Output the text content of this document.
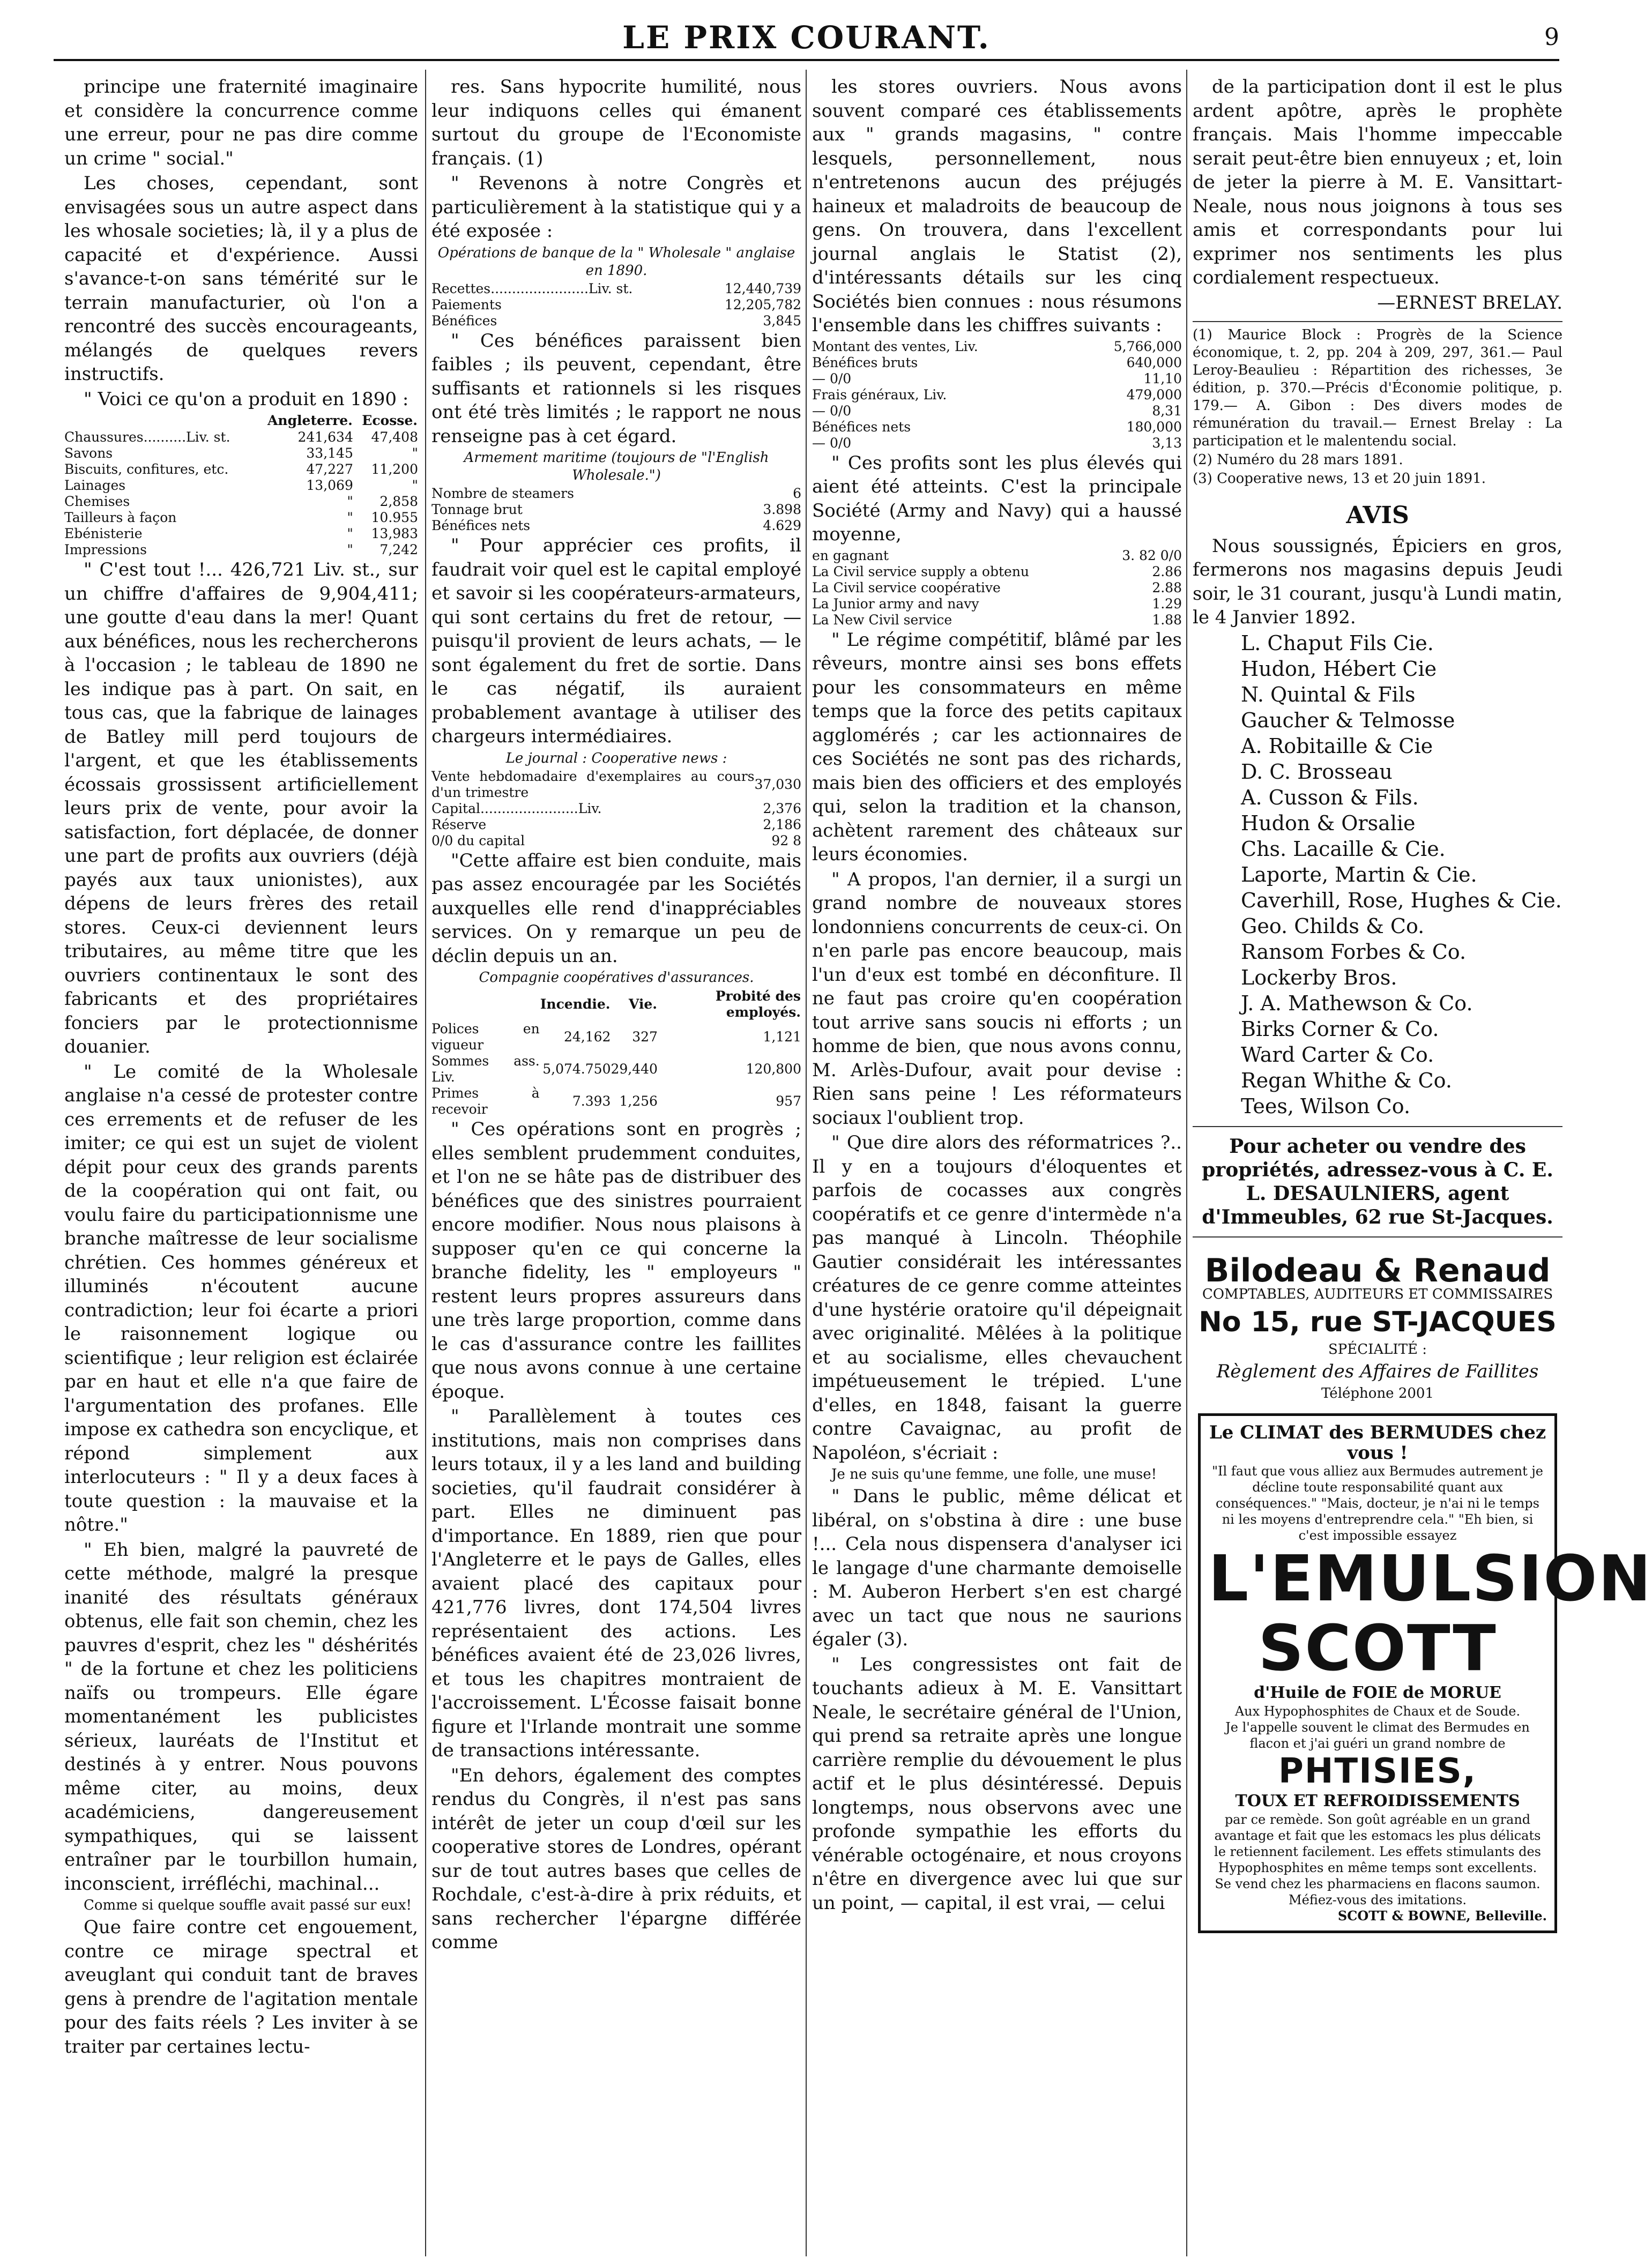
LE PRIX COURANT.	9

principe une fraternité imaginaire et considère la concurrence comme une erreur, pour ne pas dire comme un crime " social."

Les choses, cependant, sont envisagées sous un autre aspect dans les whosale societies; là, il y a plus de capacité et d'expérience. Aussi s'avance-t-on sans témérité sur le terrain manufacturier, où l'on a rencontré des succès encourageants, mélangés de quelques revers instructifs.

" Voici ce qu'on a produit en 1890 :

	Angleterre.	Ecosse.
Chaussures..........Liv. st.	241,634	47,408
Savons	33,145	"
Biscuits, confitures, etc.	47,227	11,200
Lainages	13,069	"
Chemises	"	2,858
Tailleurs à façon	"	10.955
Ebénisterie	"	13,983
Impressions	"	7,242

" C'est tout !... 426,721 Liv. st., sur un chiffre d'affaires de 9,904,411; une goutte d'eau dans la mer! Quant aux bénéfices, nous les rechercherons à l'occasion ; le tableau de 1890 ne les indique pas à part. On sait, en tous cas, que la fabrique de lainages de Batley mill perd toujours de l'argent, et que les établissements écossais grossissent artificiellement leurs prix de vente, pour avoir la satisfaction, fort déplacée, de donner une part de profits aux ouvriers (déjà payés aux taux unionistes), aux dépens de leurs frères des retail stores. Ceux-ci deviennent leurs tributaires, au même titre que les ouvriers continentaux le sont des fabricants et des propriétaires fonciers par le protectionnisme douanier.

" Le comité de la Wholesale anglaise n'a cessé de protester contre ces errements et de refuser de les imiter; ce qui est un sujet de violent dépit pour ceux des grands parents de la coopération qui ont fait, ou voulu faire du participationnisme une branche maîtresse de leur socialisme chrétien. Ces hommes généreux et illuminés n'écoutent aucune contradiction; leur foi écarte a priori le raisonnement logique ou scientifique ; leur religion est éclairée par en haut et elle n'a que faire de l'argumentation des profanes. Elle impose ex cathedra son encyclique, et répond simplement aux interlocuteurs : " Il y a deux faces à toute question : la mauvaise et la nôtre."

" Eh bien, malgré la pauvreté de cette méthode, malgré la presque inanité des résultats généraux obtenus, elle fait son chemin, chez les pauvres d'esprit, chez les " déshérités " de la fortune et chez les politiciens naïfs ou trompeurs. Elle égare momentanément les publicistes sérieux, lauréats de l'Institut et destinés à y entrer. Nous pouvons même citer, au moins, deux académiciens, dangereusement sympathiques, qui se laissent entraîner par le tourbillon humain, inconscient, irréfléchi, machinal...

Comme si quelque souffle avait passé sur eux!

Que faire contre cet engouement, contre ce mirage spectral et aveuglant qui conduit tant de braves gens à prendre de l'agitation mentale pour des faits réels ? Les inviter à se traiter par certaines lectu-

res. Sans hypocrite humilité, nous leur indiquons celles qui émanent surtout du groupe de l'Economiste français. (1)

" Revenons à notre Congrès et particulièrement à la statistique qui y a été exposée :

Opérations de banque de la " Wholesale " anglaise en 1890.

Recettes.......................Liv. st.	12,440,739
Paiements	12,205,782
Bénéfices	3,845

" Ces bénéfices paraissent bien faibles ; ils peuvent, cependant, être suffisants et rationnels si les risques ont été très limités ; le rapport ne nous renseigne pas à cet égard.

Armement maritime (toujours de "l'English Wholesale.")

Nombre de steamers	6
Tonnage brut	3.898
Bénéfices nets	4.629

" Pour apprécier ces profits, il faudrait voir quel est le capital employé et savoir si les coopérateurs-armateurs, qui sont certains du fret de retour, — puisqu'il provient de leurs achats, — le sont également du fret de sortie. Dans le cas négatif, ils auraient probablement avantage à utiliser des chargeurs intermédiaires.

Le journal : Cooperative news :

Vente hebdomadaire d'exemplaires au cours d'un trimestre	37,030
Capital.......................Liv.	2,376
Réserve	2,186
0/0 du capital	92 8

"Cette affaire est bien conduite, mais pas assez encouragée par les Sociétés auxquelles elle rend d'inappréciables services. On y remarque un peu de déclin depuis un an.

Compagnie coopératives d'assurances.

	Incendie.	Vie.	Probité des employés.
Polices en vigueur	24,162	327	1,121
Sommes ass. Liv.	5,074.750	29,440	120,800
Primes à recevoir	7.393	1,256	957

" Ces opérations sont en progrès ; elles semblent prudemment conduites, et l'on ne se hâte pas de distribuer des bénéfices que des sinistres pourraient encore modifier. Nous nous plaisons à supposer qu'en ce qui concerne la branche fidelity, les " employeurs " restent leurs propres assureurs dans une très large proportion, comme dans le cas d'assurance contre les faillites que nous avons connue à une certaine époque.

" Parallèlement à toutes ces institutions, mais non comprises dans leurs totaux, il y a les land and building societies, qu'il faudrait considérer à part. Elles ne diminuent pas d'importance. En 1889, rien que pour l'Angleterre et le pays de Galles, elles avaient placé des capitaux pour 421,776 livres, dont 174,504 livres représentaient des actions. Les bénéfices avaient été de 23,026 livres, et tous les chapitres montraient de l'accroissement. L'Écosse faisait bonne figure et l'Irlande montrait une somme de transactions intéressante.

"En dehors, également des comptes rendus du Congrès, il n'est pas sans intérêt de jeter un coup d'œil sur les cooperative stores de Londres, opérant sur de tout autres bases que celles de Rochdale, c'est-à-dire à prix réduits, et sans rechercher l'épargne différée comme

les stores ouvriers. Nous avons souvent comparé ces établissements aux " grands magasins, " contre lesquels, personnellement, nous n'entretenons aucun des préjugés haineux et maladroits de beaucoup de gens. On trouvera, dans l'excellent journal anglais le Statist (2), d'intéressants détails sur les cinq Sociétés bien connues : nous résumons l'ensemble dans les chiffres suivants :

Montant des ventes, Liv.	5,766,000
Bénéfices bruts	640,000
— 0/0	11,10
Frais généraux, Liv.	479,000
— 0/0	8,31
Bénéfices nets	180,000
— 0/0	3,13

" Ces profits sont les plus élevés qui aient été atteints. C'est la principale Société (Army and Navy) qui a haussé moyenne,

en gagnant	3. 82 0/0
La Civil service supply a obtenu	2.86
La Civil service coopérative	2.88
La Junior army and navy	1.29
La New Civil service	1.88

" Le régime compétitif, blâmé par les rêveurs, montre ainsi ses bons effets pour les consommateurs en même temps que la force des petits capitaux agglomérés ; car les actionnaires de ces Sociétés ne sont pas des richards, mais bien des officiers et des employés qui, selon la tradition et la chanson, achètent rarement des châteaux sur leurs économies.

" A propos, l'an dernier, il a surgi un grand nombre de nouveaux stores londonniens concurrents de ceux-ci. On n'en parle pas encore beaucoup, mais l'un d'eux est tombé en déconfiture. Il ne faut pas croire qu'en coopération tout arrive sans soucis ni efforts ; un homme de bien, que nous avons connu, M. Arlès-Dufour, avait pour devise : Rien sans peine ! Les réformateurs sociaux l'oublient trop.

" Que dire alors des réformatrices ?.. Il y en a toujours d'éloquentes et parfois de cocasses aux congrès coopératifs et ce genre d'intermède n'a pas manqué à Lincoln. Théophile Gautier considérait les intéressantes créatures de ce genre comme atteintes d'une hystérie oratoire qu'il dépeignait avec originalité. Mêlées à la politique et au socialisme, elles chevauchent impétueusement le trépied. L'une d'elles, en 1848, faisant la guerre contre Cavaignac, au profit de Napoléon, s'écriait :

Je ne suis qu'une femme, une folle, une muse!

" Dans le public, même délicat et libéral, on s'obstina à dire : une buse !... Cela nous dispensera d'analyser ici le langage d'une charmante demoiselle : M. Auberon Herbert s'en est chargé avec un tact que nous ne saurions égaler (3).

" Les congressistes ont fait de touchants adieux à M. E. Vansittart Neale, le secrétaire général de l'Union, qui prend sa retraite après une longue carrière remplie du dévouement le plus actif et le plus désintéressé. Depuis longtemps, nous observons avec une profonde sympathie les efforts du vénérable octogénaire, et nous croyons n'être en divergence avec lui que sur un point, — capital, il est vrai, — celui

de la participation dont il est le plus ardent apôtre, après le prophète français. Mais l'homme impeccable serait peut-être bien ennuyeux ; et, loin de jeter la pierre à M. E. Vansittart-Neale, nous nous joignons à tous ses amis et correspondants pour lui exprimer nos sentiments les plus cordialement respectueux.

—ERNEST BRELAY.

(1) Maurice Block : Progrès de la Science économique, t. 2, pp. 204 à 209, 297, 361.— Paul Leroy-Beaulieu : Répartition des richesses, 3e édition, p. 370.—Précis d'Économie politique, p. 179.— A. Gibon : Des divers modes de rémunération du travail.— Ernest Brelay : La participation et le malentendu social.

(2) Numéro du 28 mars 1891.

(3) Cooperative news, 13 et 20 juin 1891.

AVIS

Nous soussignés, Épiciers en gros, fermerons nos magasins depuis Jeudi soir, le 31 courant, jusqu'à Lundi matin, le 4 Janvier 1892.

L. Chaput Fils Cie.

Hudon, Hébert Cie

N. Quintal & Fils

Gaucher & Telmosse

A. Robitaille & Cie

D. C. Brosseau

A. Cusson & Fils.

Hudon & Orsalie

Chs. Lacaille & Cie.

Laporte, Martin & Cie.

Caverhill, Rose, Hughes & Cie.

Geo. Childs & Co.

Ransom Forbes & Co.

Lockerby Bros.

J. A. Mathewson & Co.

Birks Corner & Co.

Ward Carter & Co.

Regan Whithe & Co.

Tees, Wilson Co.

Pour acheter ou vendre des propriétés, adressez-vous à C. E. L. DESAULNIERS, agent d'Immeubles, 62 rue St-Jacques.

Bilodeau & Renaud

COMPTABLES, AUDITEURS ET COMMISSAIRES

No 15, rue ST-JACQUES

SPÉCIALITÉ :

Règlement des Affaires de Faillites

Téléphone 2001

Le CLIMAT des BERMUDES chez vous !
"Il faut que vous alliez aux Bermudes autrement je décline toute responsabilité quant aux conséquences." "Mais, docteur, je n'ai ni le temps ni les moyens d'entreprendre cela." "Eh bien, si c'est impossible essayez
L'EMULSION
SCOTT
d'Huile de FOIE de MORUE
Aux Hypophosphites de Chaux et de Soude.
Je l'appelle souvent le climat des Bermudes en flacon et j'ai guéri un grand nombre de
PHTISIES,
TOUX ET REFROIDISSEMENTS
par ce remède. Son goût agréable en un grand avantage et fait que les estomacs les plus délicats le retiennent facilement. Les effets stimulants des Hypophosphites en même temps sont excellents. Se vend chez les pharmaciens en flacons saumon. Méfiez-vous des imitations.
SCOTT & BOWNE, Belleville.
